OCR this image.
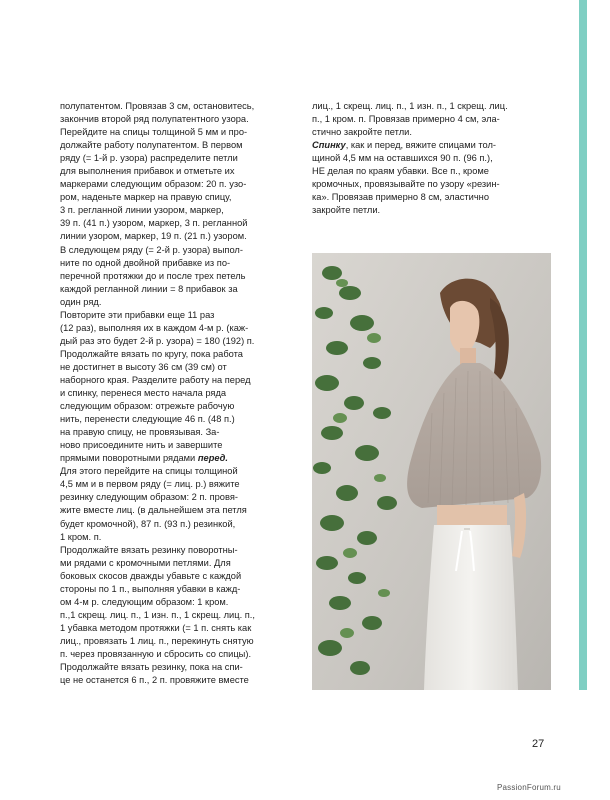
полупатентом. Провязав 3 см, остановитесь,
закончив второй ряд полупатентного узора.
Перейдите на спицы толщиной 5 мм и про-
должайте работу полупатентом. В первом
ряду (= 1-й р. узора) распределите петли
для выполнения прибавок и отметьте их
маркерами следующим образом: 20 п. узо-
ром, наденьте маркер на правую спицу,
3 п. регланной линии узором, маркер,
39 п. (41 п.) узором, маркер, 3 п. регланной
линии узором, маркер, 19 п. (21 п.) узором.
В следующем ряду (= 2-й р. узора) выпол-
ните по одной двойной прибавке из по-
перечной протяжки до и после трех петель
каждой регланной линии = 8 прибавок за
один ряд.

Повторите эти прибавки еще 11 раз
(12 раз), выполняя их в каждом 4-м р. (каж-
дый раз это будет 2-й р. узора) = 180 (192) п.
Продолжайте вязать по кругу, пока работа
не достигнет в высоту 36 см (39 см) от
наборного края. Разделите работу на перед
и спинку, перенеся место начала ряда
следующим образом: отрежьте рабочую
нить, перенести следующие 46 п. (48 п.)
на правую спицу, не провязывая. За-
ново присоедините нить и завершите
прямыми поворотными рядами перед.

Для этого перейдите на спицы толщиной
4,5 мм и в первом ряду (= лиц. р.) вяжите
резинку следующим образом: 2 п. провя-
жите вместе лиц. (в дальнейшем эта петля
будет кромочной), 87 п. (93 п.) резинкой,
1 кром. п.

Продолжайте вязать резинку поворотны-
ми рядами с кромочными петлями. Для
боковых скосов дважды убавьте с каждой
стороны по 1 п., выполняя убавки в кажд-
ом 4-м р. следующим образом: 1 кром.
п.,1 скрещ. лиц. п., 1 изн. п., 1 скрещ. лиц. п.,
1 убавка методом протяжки (= 1 п. снять как
лиц., провязать 1 лиц. п., перекинуть снятую
п. через провязанную и сбросить со спицы).
Продолжайте вязать резинку, пока на спи-
це не останется 6 п., 2 п. провяжите вместе

лиц., 1 скрещ. лиц. п., 1 изн. п., 1 скрещ. лиц.
п., 1 кром. п. Провязав примерно 4 см, эла-
стично закройте петли.

Спинку, как и перед, вяжите спицами тол-
щиной 4,5 мм на оставшихся 90 п. (96 п.),
НЕ делая по краям убавки. Все п., кроме
кромочных, провязывайте по узору «резин-
ка». Провязав примерно 8 см, эластично
закройте петли.

27
PassionForum.ru
